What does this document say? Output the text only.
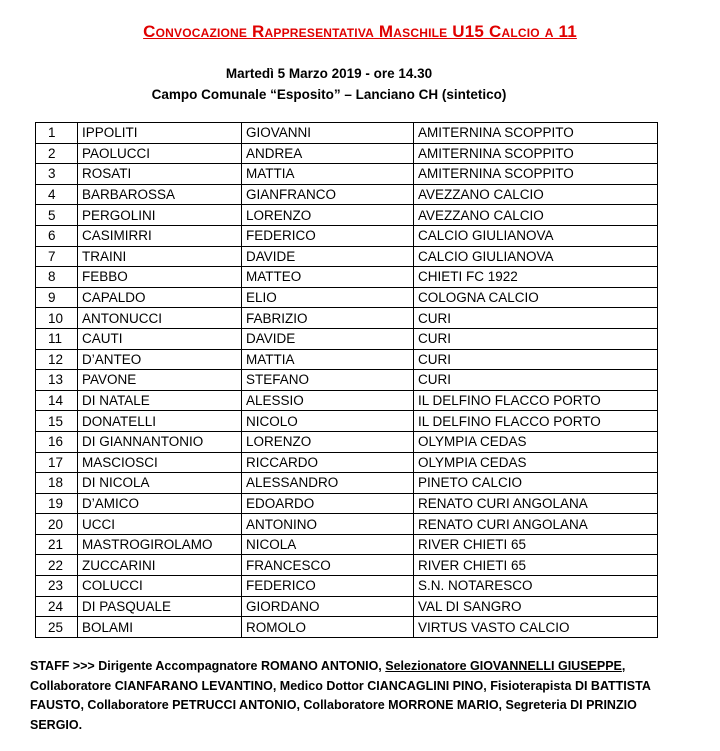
Convocazione Rappresentativa Maschile U15 Calcio a 11
Martedì 5 Marzo 2019 - ore 14.30
Campo Comunale “Esposito” – Lanciano CH (sintetico)
1	IPPOLITI	GIOVANNI	AMITERNINA SCOPPITO
2	PAOLUCCI	ANDREA	AMITERNINA SCOPPITO
3	ROSATI	MATTIA	AMITERNINA SCOPPITO
4	BARBAROSSA	GIANFRANCO	AVEZZANO CALCIO
5	PERGOLINI	LORENZO	AVEZZANO CALCIO
6	CASIMIRRI	FEDERICO	CALCIO GIULIANOVA
7	TRAINI	DAVIDE	CALCIO GIULIANOVA
8	FEBBO	MATTEO	CHIETI FC 1922
9	CAPALDO	ELIO	COLOGNA CALCIO
10	ANTONUCCI	FABRIZIO	CURI
11	CAUTI	DAVIDE	CURI
12	D’ANTEO	MATTIA	CURI
13	PAVONE	STEFANO	CURI
14	DI NATALE	ALESSIO	IL DELFINO FLACCO PORTO
15	DONATELLI	NICOLO	IL DELFINO FLACCO PORTO
16	DI GIANNANTONIO	LORENZO	OLYMPIA CEDAS
17	MASCIOSCI	RICCARDO	OLYMPIA CEDAS
18	DI NICOLA	ALESSANDRO	PINETO CALCIO
19	D’AMICO	EDOARDO	RENATO CURI ANGOLANA
20	UCCI	ANTONINO	RENATO CURI ANGOLANA
21	MASTROGIROLAMO	NICOLA	RIVER CHIETI 65
22	ZUCCARINI	FRANCESCO	RIVER CHIETI 65
23	COLUCCI	FEDERICO	S.N. NOTARESCO
24	DI PASQUALE	GIORDANO	VAL DI SANGRO
25	BOLAMI	ROMOLO	VIRTUS VASTO CALCIO
STAFF >>> Dirigente Accompagnatore ROMANO ANTONIO, Selezionatore GIOVANNELLI GIUSEPPE, Collaboratore CIANFARANO LEVANTINO, Medico Dottor CIANCAGLINI PINO, Fisioterapista DI BATTISTA FAUSTO, Collaboratore PETRUCCI ANTONIO, Collaboratore MORRONE MARIO, Segreteria DI PRINZIO SERGIO.
